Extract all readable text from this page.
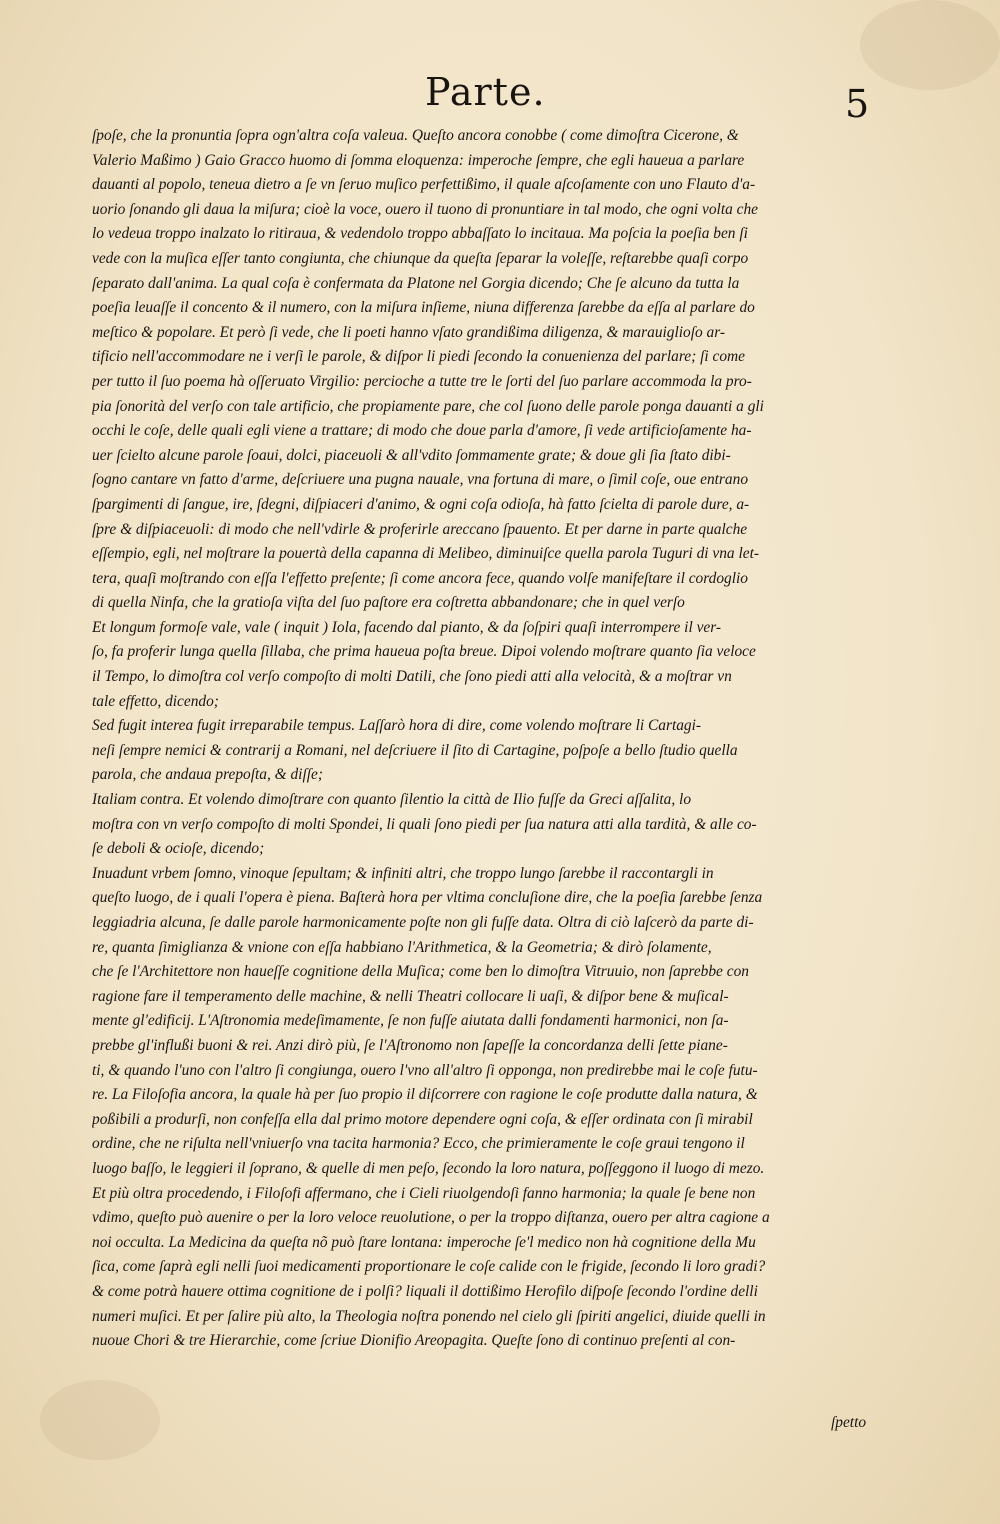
Parte.	5
ſpoſe, che la pronuntia ſopra ogn'altra coſa valeua. Queſto ancora conobbe ( come dimoſtra Cicerone, &
Valerio Maßimo ) Gaio Gracco huomo di ſomma eloquenza: imperoche ſempre, che egli haueua a parlare
dauanti al popolo, teneua dietro a ſe vn ſeruo muſico perfettißimo, il quale aſcoſamente con uno Flauto d'a-
uorio ſonando gli daua la miſura; cioè la voce, ouero il tuono di pronuntiare in tal modo, che ogni volta che
lo vedeua troppo inalzato lo ritiraua, & vedendolo troppo abbaſſato lo incitaua. Ma poſcia la poeſia ben ſi
vede con la muſica eſſer tanto congiunta, che chiunque da queſta ſeparar la voleſſe, reſtarebbe quaſi corpo
ſeparato dall'anima. La qual coſa è confermata da Platone nel Gorgia dicendo; Che ſe alcuno da tutta la
poeſia leuaſſe il concento & il numero, con la miſura inſieme, niuna differenza ſarebbe da eſſa al parlare do
meſtico & popolare. Et però ſi vede, che li poeti hanno vſato grandißima diligenza, & marauiglioſo ar-
tificio nell'accommodare ne i verſi le parole, & diſpor li piedi ſecondo la conuenienza del parlare; ſi come
per tutto il ſuo poema hà oſſeruato Virgilio: percioche a tutte tre le ſorti del ſuo parlare accommoda la pro-
pia ſonorità del verſo con tale artificio, che propiamente pare, che col ſuono delle parole ponga dauanti a gli
occhi le coſe, delle quali egli viene a trattare; di modo che doue parla d'amore, ſi vede artificioſamente ha-
uer ſcielto alcune parole ſoaui, dolci, piaceuoli & all'vdito ſommamente grate; & doue gli ſia ſtato dibi-
ſogno cantare vn fatto d'arme, deſcriuere una pugna nauale, vna fortuna di mare, o ſimil coſe, oue entrano
ſpargimenti di ſangue, ire, ſdegni, diſpiaceri d'animo, & ogni coſa odioſa, hà fatto ſcielta di parole dure, a-
ſpre & diſpiaceuoli: di modo che nell'vdirle & proferirle areccano ſpauento. Et per darne in parte qualche
eſſempio, egli, nel moſtrare la pouertà della capanna di Melibeo, diminuiſce quella parola Tuguri di vna let-
tera, quaſi moſtrando con eſſa l'effetto preſente; ſi come ancora fece, quando volſe manifeſtare il cordoglio
di quella Ninfa, che la gratioſa viſta del ſuo paſtore era coſtretta abbandonare; che in quel verſo
Et longum formoſe vale, vale ( inquit ) Iola, facendo dal pianto, & da ſoſpiri quaſi interrompere il ver-
ſo, fa proferir lunga quella ſillaba, che prima haueua poſta breue. Dipoi volendo moſtrare quanto ſia veloce
il Tempo, lo dimoſtra col verſo compoſto di molti Datili, che ſono piedi atti alla velocità, & a moſtrar vn
tale effetto, dicendo;
Sed fugit interea fugit irreparabile tempus. Laſſarò hora di dire, come volendo moſtrare li Cartagi-
neſi ſempre nemici & contrarij a Romani, nel deſcriuere il ſito di Cartagine, poſpoſe a bello ſtudio quella
parola, che andaua prepoſta, & diſſe;
Italiam contra. Et volendo dimoſtrare con quanto ſilentio la città de Ilio fuſſe da Greci aſſalita, lo
moſtra con vn verſo compoſto di molti Spondei, li quali ſono piedi per ſua natura atti alla tardità, & alle co-
ſe deboli & ocioſe, dicendo;
Inuadunt vrbem ſomno, vinoque ſepultam; & infiniti altri, che troppo lungo ſarebbe il raccontargli in
queſto luogo, de i quali l'opera è piena. Baſterà hora per vltima concluſione dire, che la poeſia ſarebbe ſenza
leggiadria alcuna, ſe dalle parole harmonicamente poſte non gli fuſſe data. Oltra di ciò laſcerò da parte di-
re, quanta ſimiglianza & vnione con eſſa habbiano l'Arithmetica, & la Geometria; & dirò ſolamente,
che ſe l'Architettore non haueſſe cognitione della Muſica; come ben lo dimoſtra Vitruuio, non ſaprebbe con
ragione fare il temperamento delle machine, & nelli Theatri collocare li uaſi, & diſpor bene & muſical-
mente gl'edificij. L'Aſtronomia medeſimamente, ſe non fuſſe aiutata dalli fondamenti harmonici, non ſa-
prebbe gl'influßi buoni & rei. Anzi dirò più, ſe l'Aſtronomo non ſapeſſe la concordanza delli ſette piane-
ti, & quando l'uno con l'altro ſi congiunga, ouero l'vno all'altro ſi opponga, non predirebbe mai le coſe futu-
re. La Filoſofia ancora, la quale hà per ſuo propio il diſcorrere con ragione le coſe produtte dalla natura, &
poßibili a produrſi, non confeſſa ella dal primo motore dependere ogni coſa, & eſſer ordinata con ſi mirabil
ordine, che ne riſulta nell'vniuerſo vna tacita harmonia? Ecco, che primieramente le coſe graui tengono il
luogo baſſo, le leggieri il ſoprano, & quelle di men peſo, ſecondo la loro natura, poſſeggono il luogo di mezo.
Et più oltra procedendo, i Filoſofi affermano, che i Cieli riuolgendoſi fanno harmonia; la quale ſe bene non
vdimo, queſto può auenire o per la loro veloce reuolutione, o per la troppo diſtanza, ouero per altra cagione a
noi occulta. La Medicina da queſta nõ può ſtare lontana: imperoche ſe'l medico non hà cognitione della Mu
ſica, come ſaprà egli nelli ſuoi medicamenti proportionare le coſe calide con le frigide, ſecondo li loro gradi?
& come potrà hauere ottima cognitione de i polſi? liquali il dottißimo Herofilo diſpoſe ſecondo l'ordine delli
numeri muſici. Et per ſalire più alto, la Theologia noſtra ponendo nel cielo gli ſpiriti angelici, diuide quelli in
nuoue Chori & tre Hierarchie, come ſcriue Dionifio Areopagita. Queſte ſono di continuo preſenti al con-
ſpetto
